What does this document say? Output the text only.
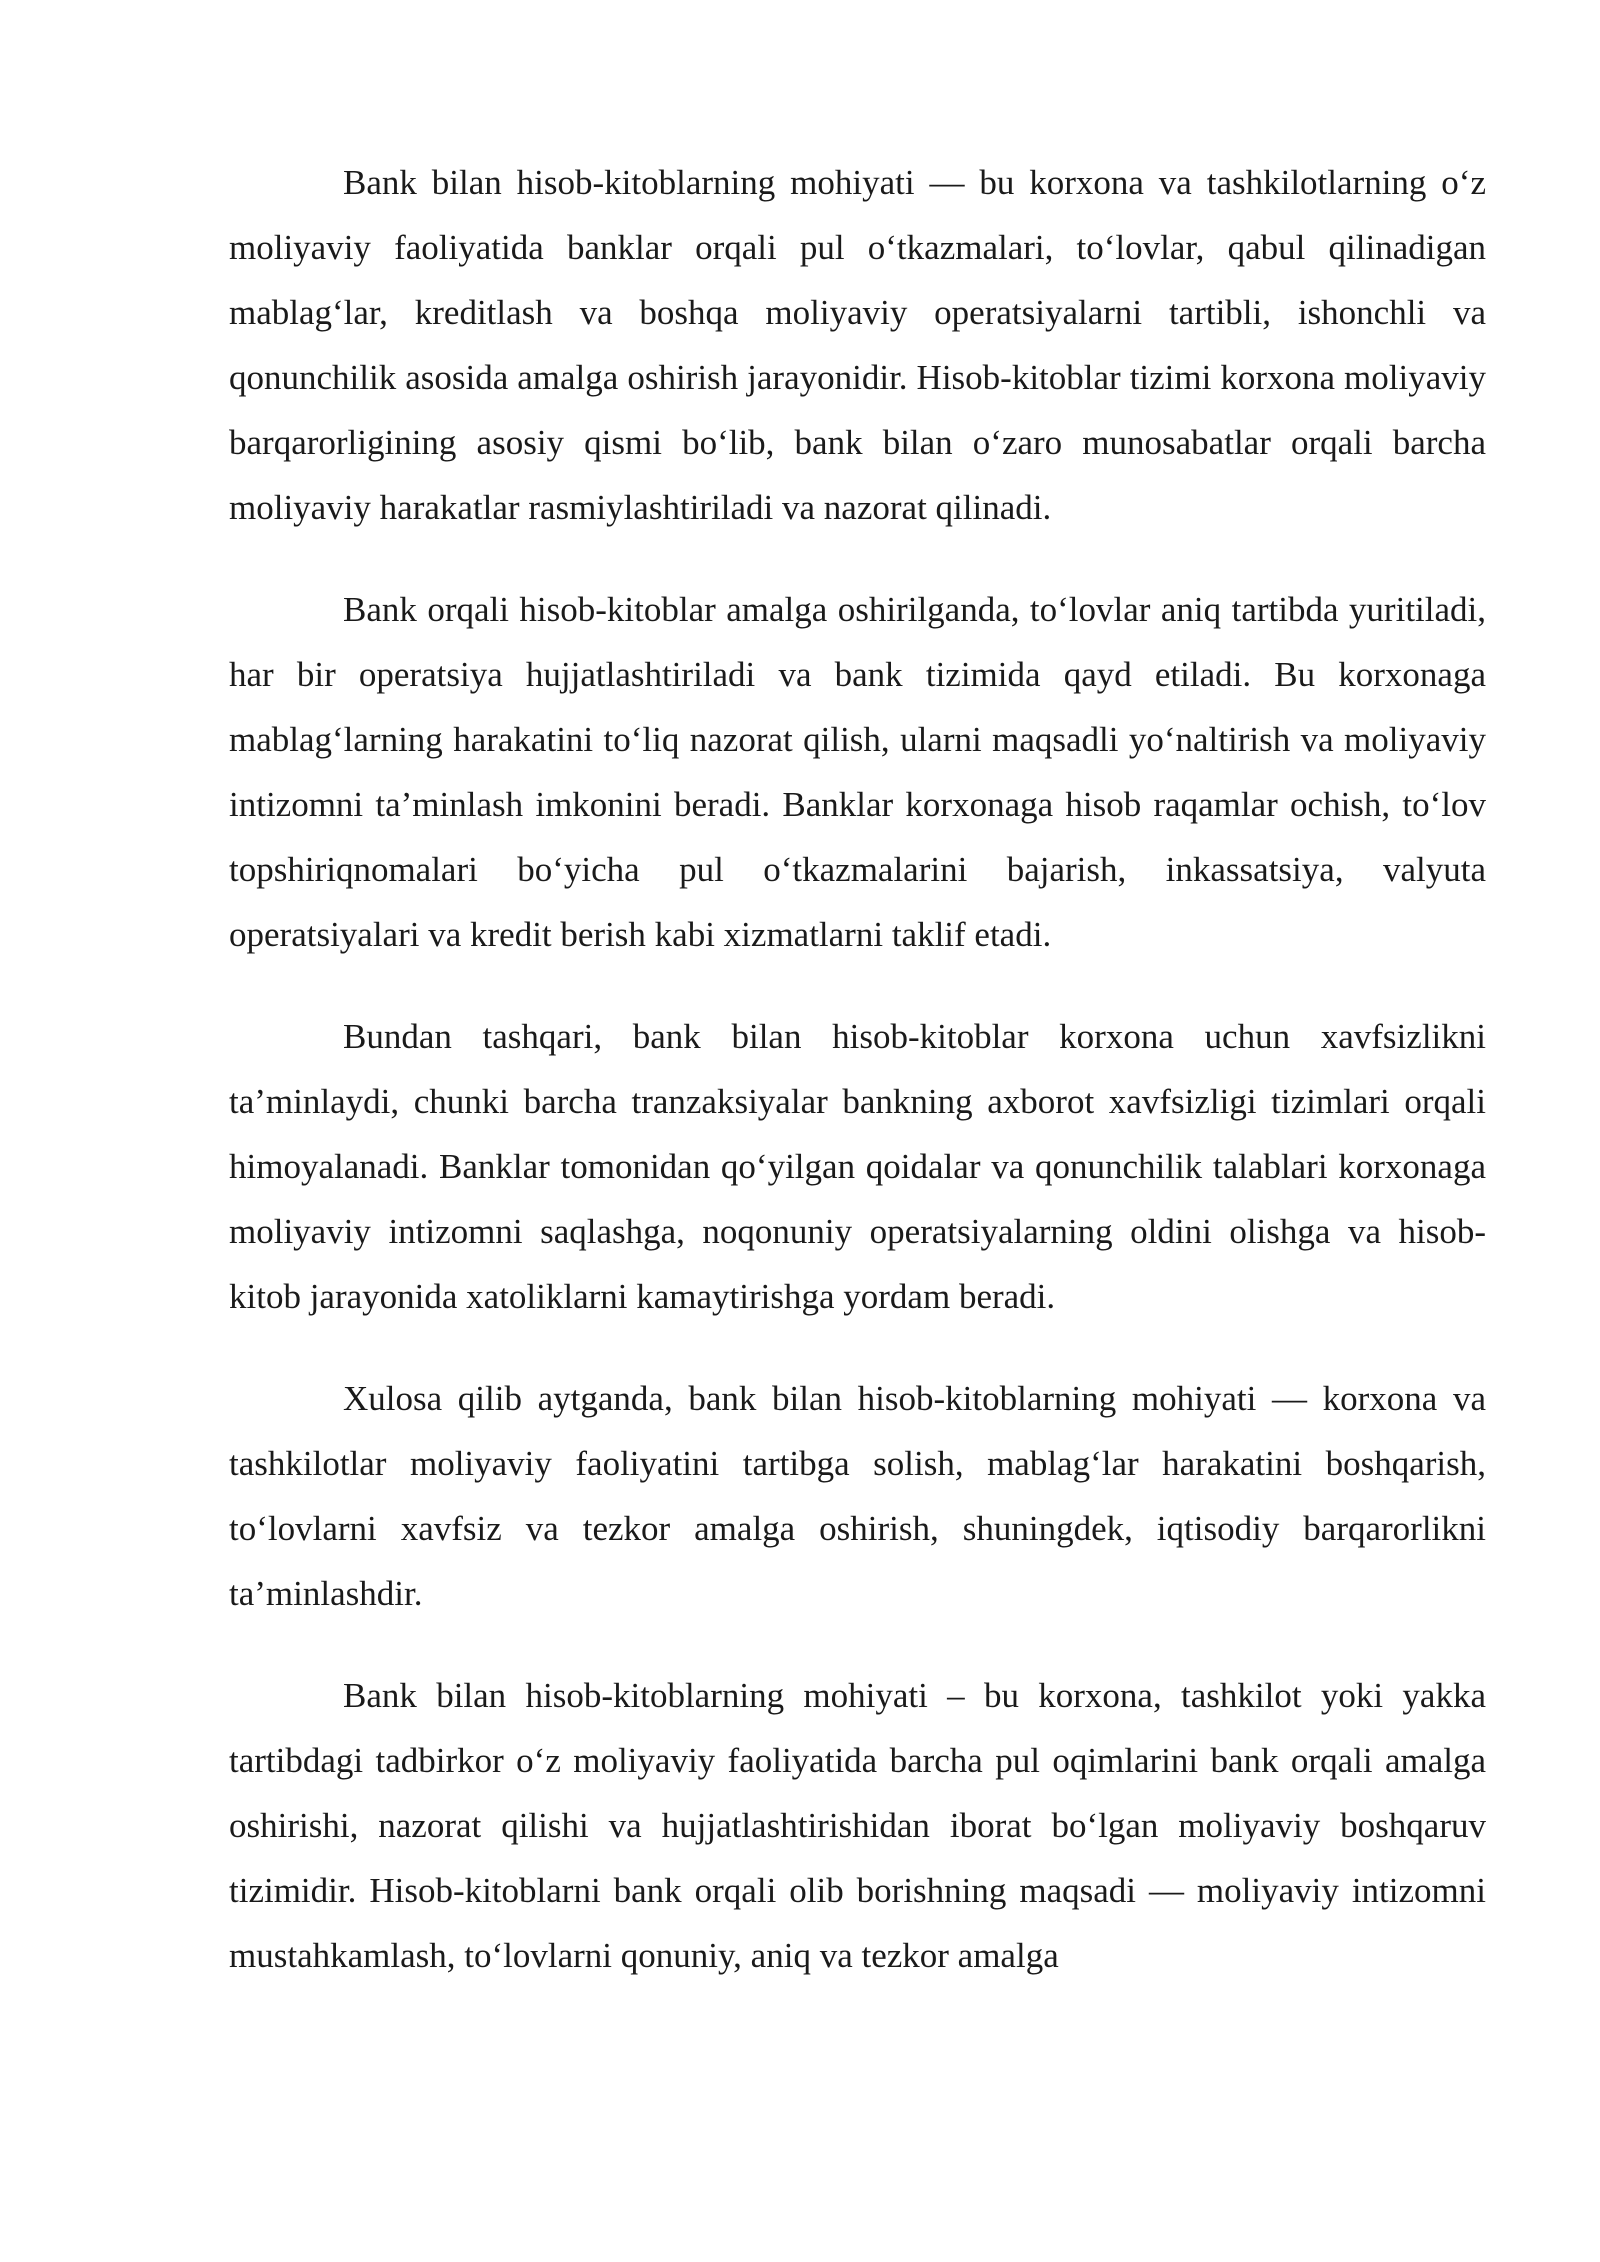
Bank bilan hisob-kitoblarning mohiyati — bu korxona va tashkilotlarning o‘z moliyaviy faoliyatida banklar orqali pul o‘tkazmalari, to‘lovlar, qabul qilinadigan mablag‘lar, kreditlash va boshqa moliyaviy operatsiyalarni tartibli, ishonchli va qonunchilik asosida amalga oshirish jarayonidir. Hisob-kitoblar tizimi korxona moliyaviy barqarorligining asosiy qismi bo‘lib, bank bilan o‘zaro munosabatlar orqali barcha moliyaviy harakatlar rasmiylashtiriladi va nazorat qilinadi.

Bank orqali hisob-kitoblar amalga oshirilganda, to‘lovlar aniq tartibda yuritiladi, har bir operatsiya hujjatlashtiriladi va bank tizimida qayd etiladi. Bu korxonaga mablag‘larning harakatini to‘liq nazorat qilish, ularni maqsadli yo‘naltirish va moliyaviy intizomni ta’minlash imkonini beradi. Banklar korxonaga hisob raqamlar ochish, to‘lov topshiriqnomalari bo‘yicha pul o‘tkazmalarini bajarish, inkassatsiya, valyuta operatsiyalari va kredit berish kabi xizmatlarni taklif etadi.

Bundan tashqari, bank bilan hisob-kitoblar korxona uchun xavfsizlikni ta’minlaydi, chunki barcha tranzaksiyalar bankning axborot xavfsizligi tizimlari orqali himoyalanadi. Banklar tomonidan qo‘yilgan qoidalar va qonunchilik talablari korxonaga moliyaviy intizomni saqlashga, noqonuniy operatsiyalarning oldini olishga va hisob-kitob jarayonida xatoliklarni kamaytirishga yordam beradi.

Xulosa qilib aytganda, bank bilan hisob-kitoblarning mohiyati — korxona va tashkilotlar moliyaviy faoliyatini tartibga solish, mablag‘lar harakatini boshqarish, to‘lovlarni xavfsiz va tezkor amalga oshirish, shuningdek, iqtisodiy barqarorlikni ta’minlashdir.

Bank bilan hisob-kitoblarning mohiyati – bu korxona, tashkilot yoki yakka tartibdagi tadbirkor o‘z moliyaviy faoliyatida barcha pul oqimlarini bank orqali amalga oshirishi, nazorat qilishi va hujjatlashtirishidan iborat bo‘lgan moliyaviy boshqaruv tizimidir. Hisob-kitoblarni bank orqali olib borishning maqsadi — moliyaviy intizomni mustahkamlash, to‘lovlarni qonuniy, aniq va tezkor amalga
